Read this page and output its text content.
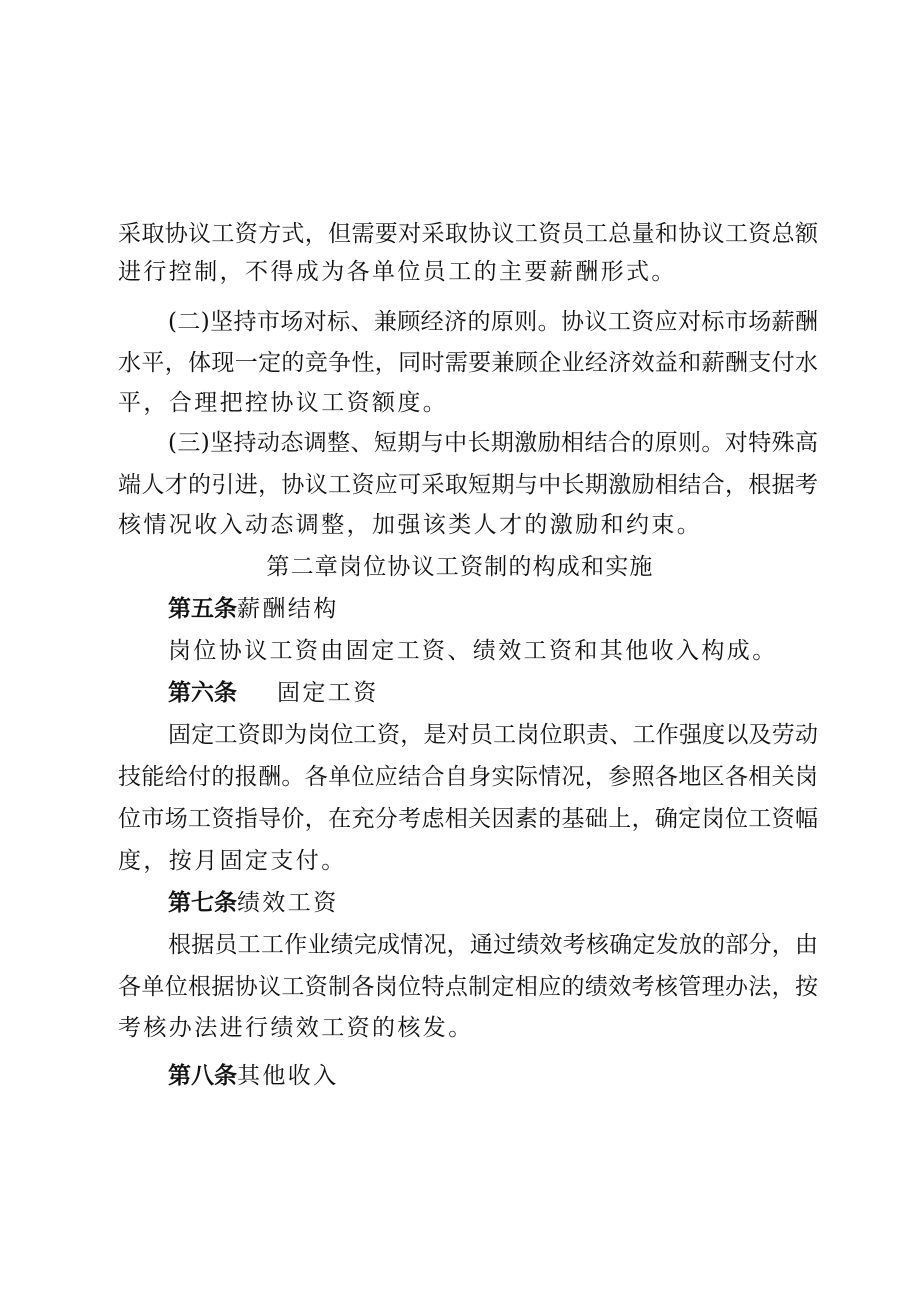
采取协议工资方式，但需要对采取协议工资员工总量和协议工资总额
进行控制，不得成为各单位员工的主要薪酬形式。
(二)坚持市场对标、兼顾经济的原则。协议工资应对标市场薪酬
水平，体现一定的竞争性，同时需要兼顾企业经济效益和薪酬支付水
平，合理把控协议工资额度。
(三)坚持动态调整、短期与中长期激励相结合的原则。对特殊高
端人才的引进，协议工资应可采取短期与中长期激励相结合，根据考
核情况收入动态调整，加强该类人才的激励和约束。
第二章岗位协议工资制的构成和实施
第五条薪酬结构
岗位协议工资由固定工资、绩效工资和其他收入构成。
第六条 固定工资
固定工资即为岗位工资，是对员工岗位职责、工作强度以及劳动
技能给付的报酬。各单位应结合自身实际情况，参照各地区各相关岗
位市场工资指导价，在充分考虑相关因素的基础上，确定岗位工资幅
度，按月固定支付。
第七条绩效工资
根据员工工作业绩完成情况，通过绩效考核确定发放的部分，由
各单位根据协议工资制各岗位特点制定相应的绩效考核管理办法，按
考核办法进行绩效工资的核发。
第八条其他收入
